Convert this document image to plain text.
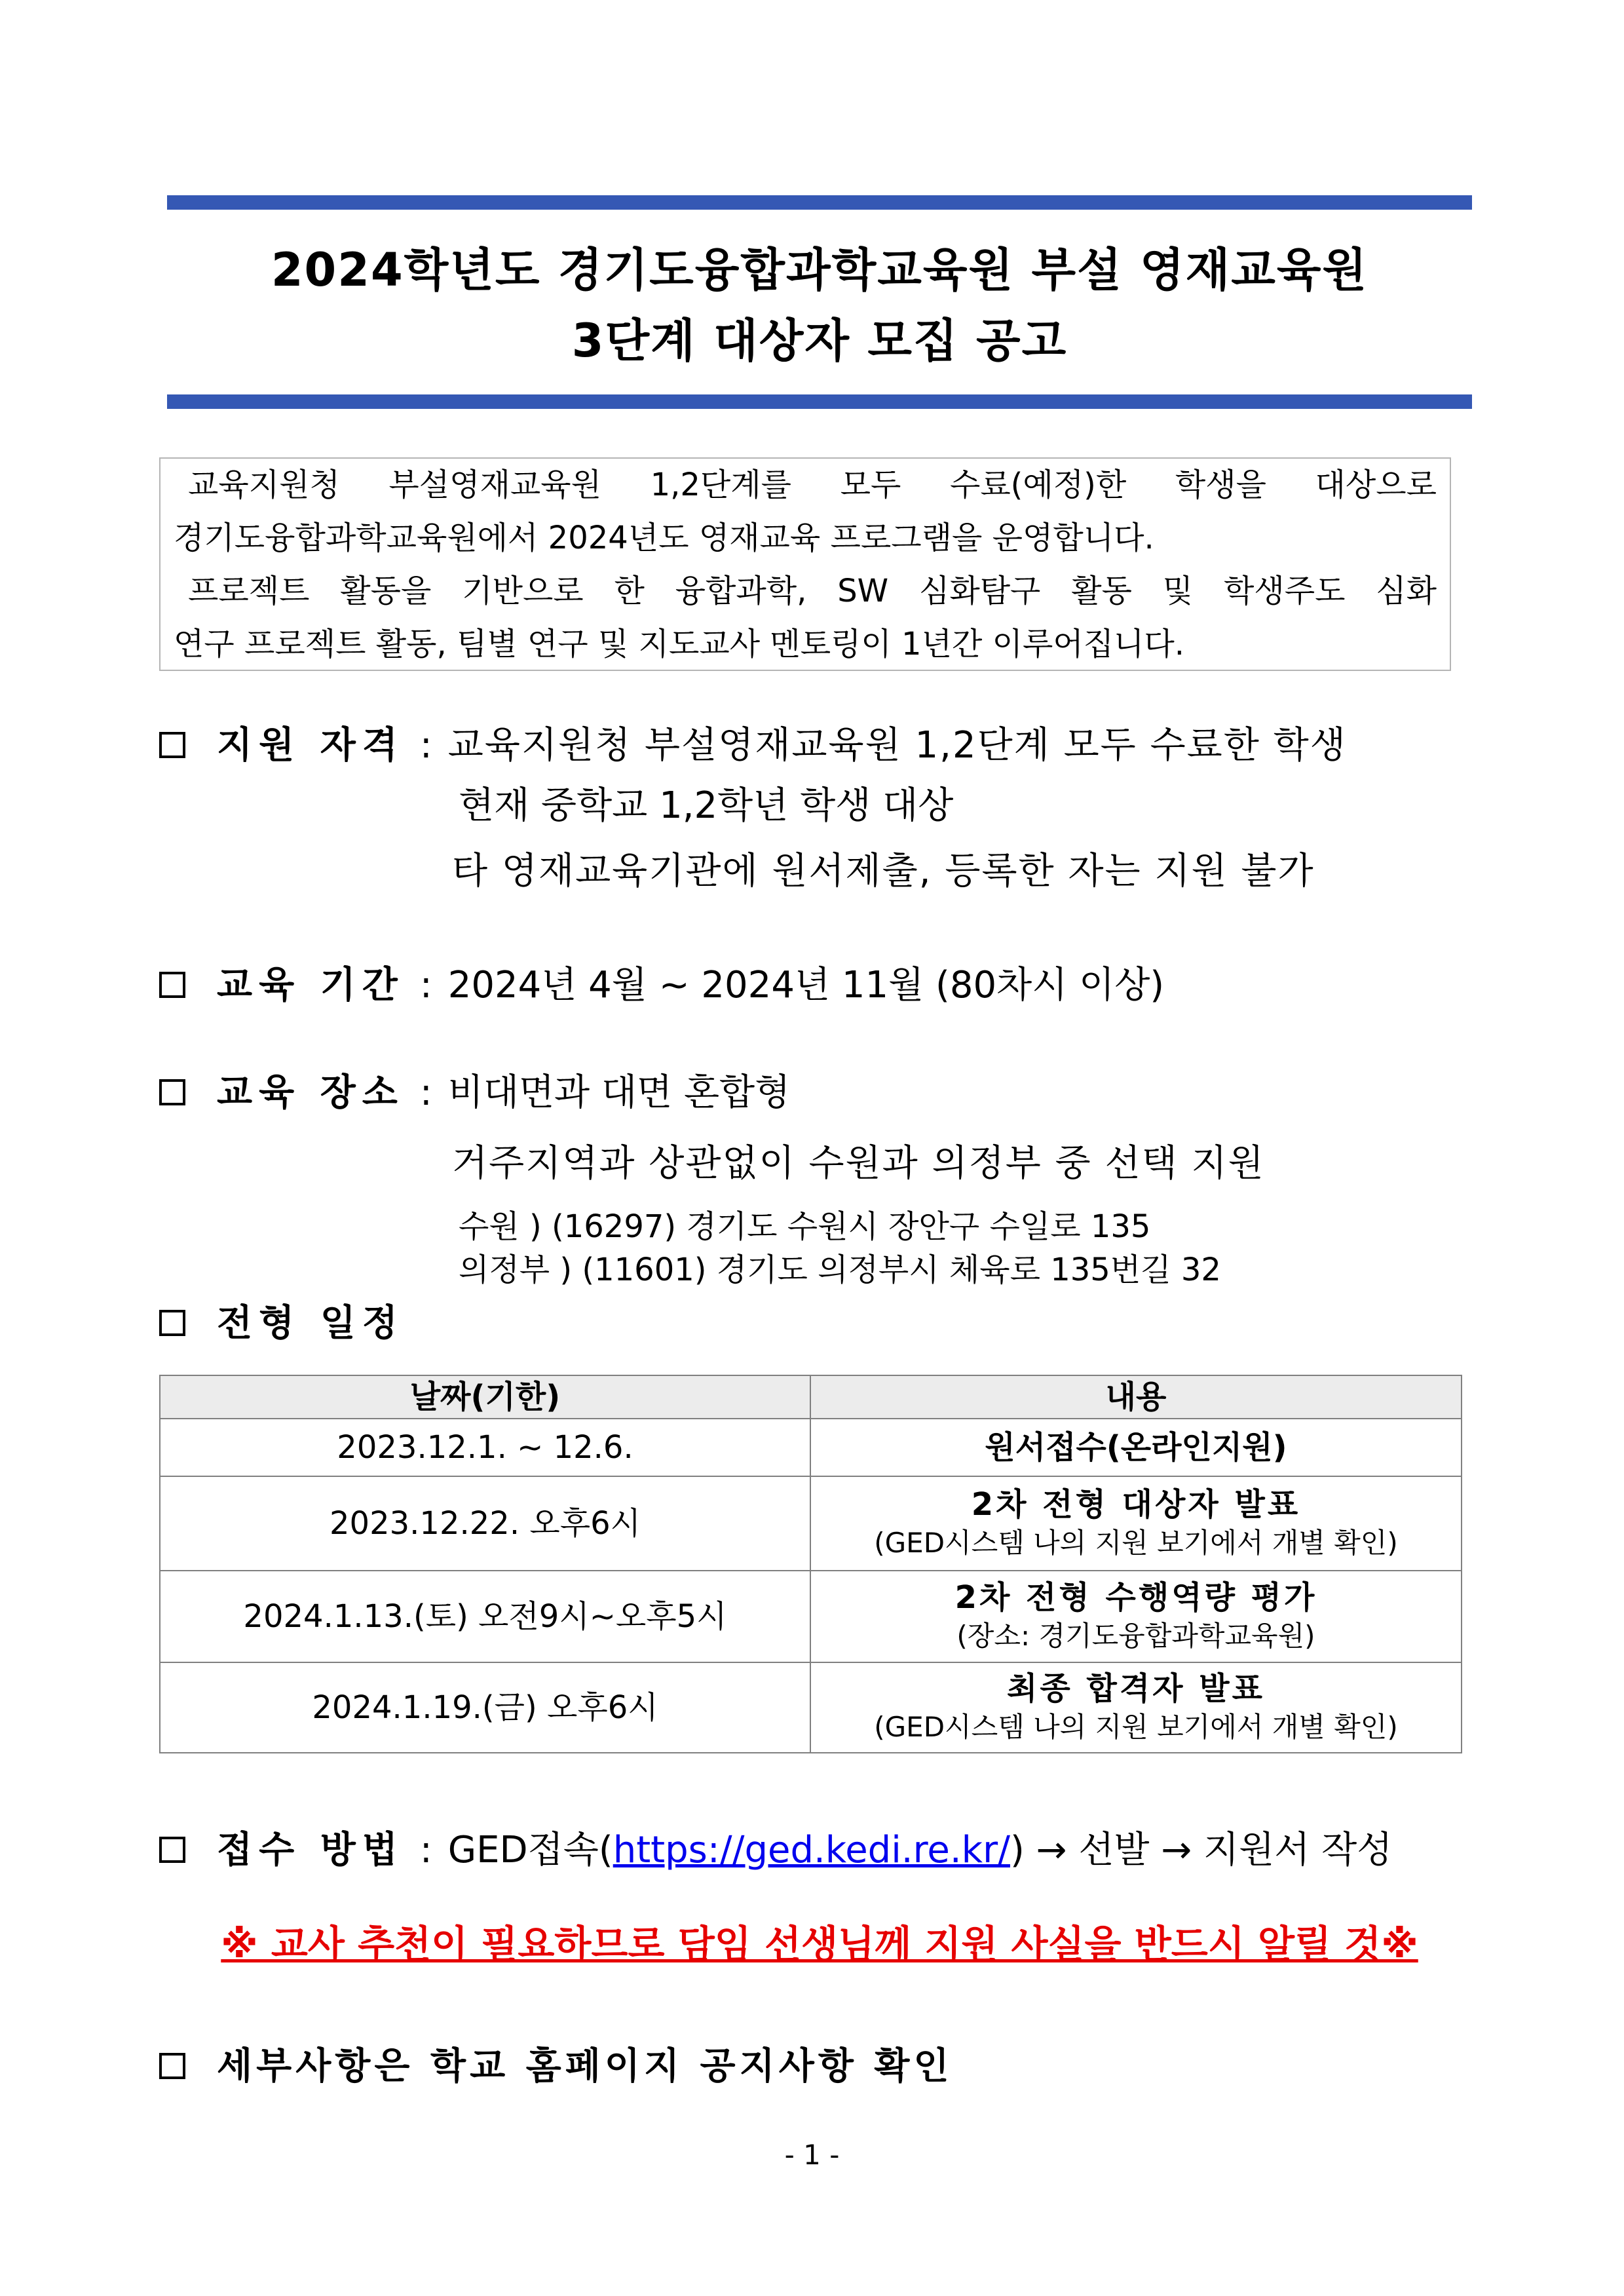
2024학년도 경기도융합과학교육원 부설 영재교육원
3단계 대상자 모집 공고
교육지원청 부설영재교육원 1,2단계를 모두 수료(예정)한 학생을 대상으로
경기도융합과학교육원에서 2024년도 영재교육 프로그램을 운영합니다.
프로젝트 활동을 기반으로 한 융합과학, SW 심화탐구 활동 및 학생주도 심화
연구 프로젝트 활동, 팀별 연구 및 지도교사 멘토링이 1년간 이루어집니다.
지원 자격 : 교육지원청 부설영재교육원 1,2단계 모두 수료한 학생
현재 중학교 1,2학년 학생 대상
타 영재교육기관에 원서제출, 등록한 자는 지원 불가
교육 기간 : 2024년 4월 ~ 2024년 11월 (80차시 이상)
교육 장소 : 비대면과 대면 혼합형
거주지역과 상관없이 수원과 의정부 중 선택 지원
수원 ) (16297) 경기도 수원시 장안구 수일로 135
의정부 ) (11601) 경기도 의정부시 체육로 135번길 32
전형 일정
날짜(기한)	내용
2023.12.1. ~ 12.6.	원서접수(온라인지원)

2023.12.22. 오후6시	2차 전형 대상자 발표
(GED시스템 나의 지원 보기에서 개별 확인)

2024.1.13.(토) 오전9시~오후5시	2차 전형 수행역량 평가
(장소: 경기도융합과학교육원)

2024.1.19.(금) 오후6시	최종 합격자 발표
(GED시스템 나의 지원 보기에서 개별 확인)
접수 방법 : GED접속(https://ged.kedi.re.kr/) → 선발 → 지원서 작성
※ 교사 추천이 필요하므로 담임 선생님께 지원 사실을 반드시 알릴 것※
세부사항은 학교 홈페이지 공지사항 확인
- 1 -
